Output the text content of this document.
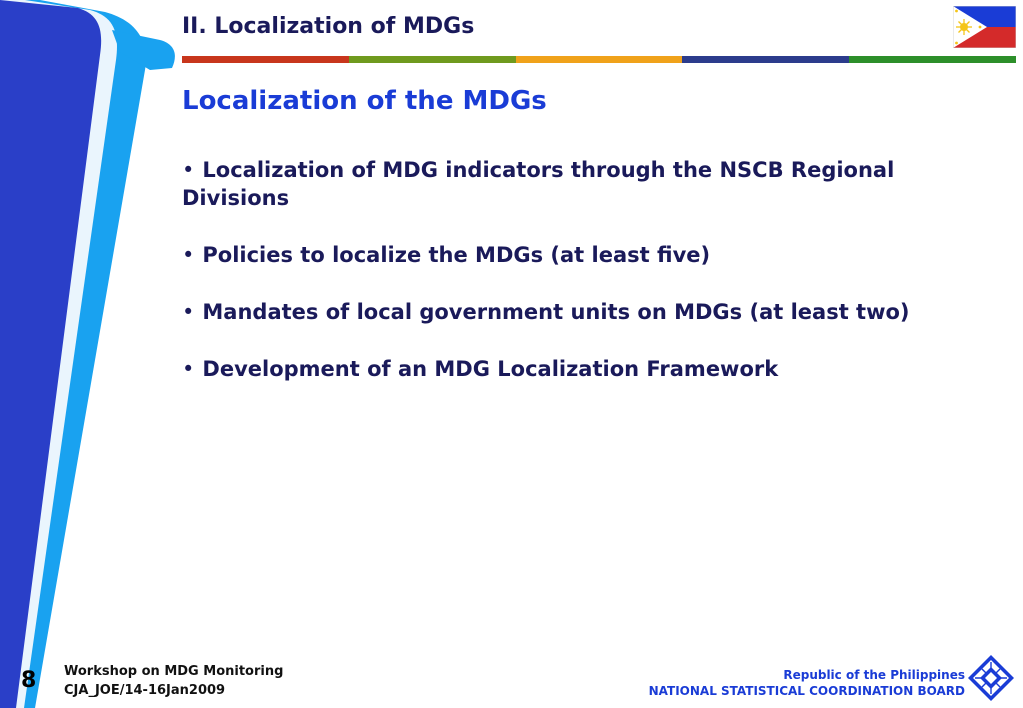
II. Localization of MDGs
Localization of the MDGs
• Localization of MDG indicators through the NSCB Regional Divisions
• Policies to localize the MDGs (at least five)
• Mandates of local government units on MDGs (at least two)
• Development of an MDG Localization Framework
8 Workshop on MDG Monitoring
CJA_JOE/14-16Jan2009
Republic of the Philippines
NATIONAL STATISTICAL COORDINATION BOARD
